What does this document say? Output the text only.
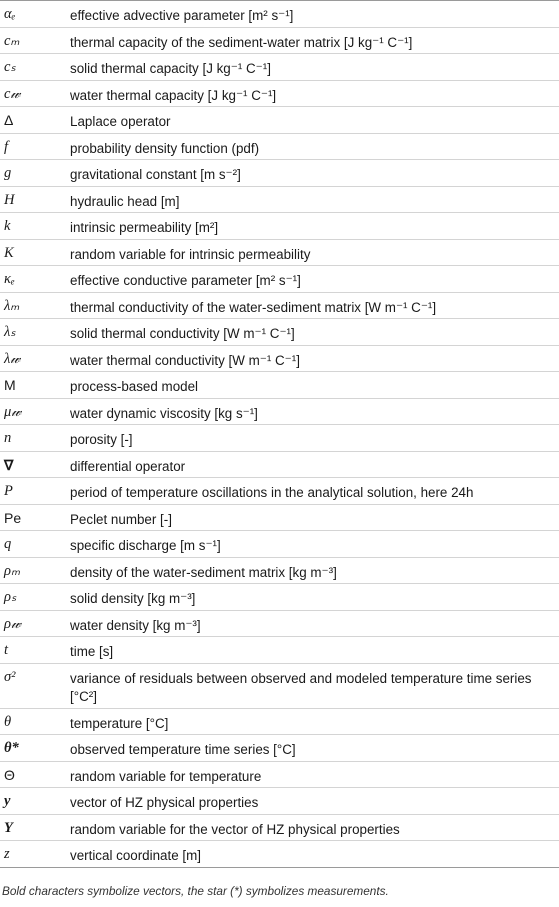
αₑ	effective advective parameter [m² s⁻¹]
cₘ	thermal capacity of the sediment-water matrix [J kg⁻¹ C⁻¹]
cₛ	solid thermal capacity [J kg⁻¹ C⁻¹]
c𝓌	water thermal capacity [J kg⁻¹ C⁻¹]
Δ	Laplace operator
f	probability density function (pdf)
g	gravitational constant [m s⁻²]
H	hydraulic head [m]
k	intrinsic permeability [m²]
K	random variable for intrinsic permeability
κₑ	effective conductive parameter [m² s⁻¹]
λₘ	thermal conductivity of the water-sediment matrix [W m⁻¹ C⁻¹]
λₛ	solid thermal conductivity [W m⁻¹ C⁻¹]
λ𝓌	water thermal conductivity [W m⁻¹ C⁻¹]
M	process-based model
μ𝓌	water dynamic viscosity [kg s⁻¹]
n	porosity [-]
∇	differential operator
P	period of temperature oscillations in the analytical solution, here 24h
Pe	Peclet number [-]
q	specific discharge [m s⁻¹]
ρₘ	density of the water-sediment matrix [kg m⁻³]
ρₛ	solid density [kg m⁻³]
ρ𝓌	water density [kg m⁻³]
t	time [s]
σ²	variance of residuals between observed and modeled temperature time series [°C²]
θ	temperature [°C]
θ*	observed temperature time series [°C]
Θ	random variable for temperature
y	vector of HZ physical properties
Y	random variable for the vector of HZ physical properties
z	vertical coordinate [m]
Bold characters symbolize vectors, the star (*) symbolizes measurements.
